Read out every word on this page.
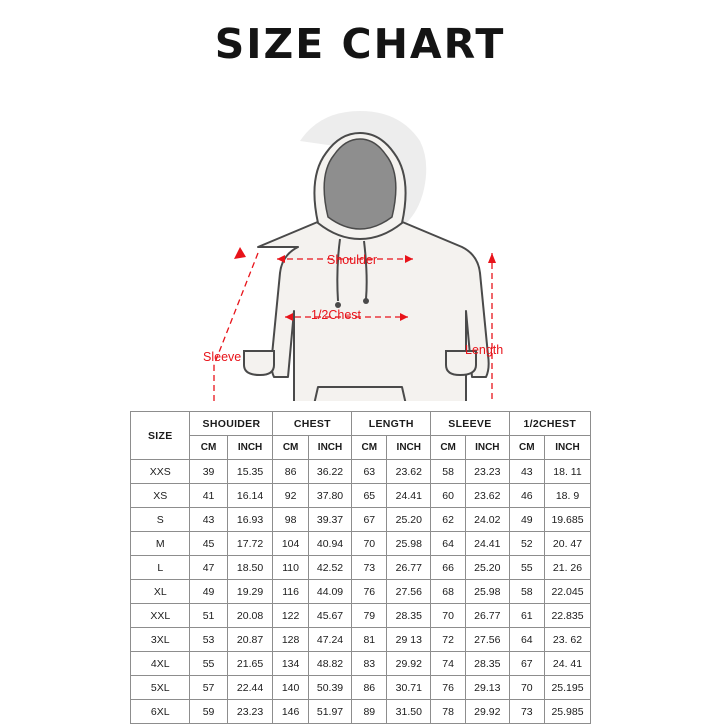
SIZE CHART
Shoulder
1/2Chest
Sleeve	Length
SIZE	SHOUIDER		CHEST		LENGTH		SLEEVE		1/2CHEST	
	CM	INCH	CM	INCH	CM	INCH	CM	INCH	CM	INCH
XXS	39	15.35	86	36.22	63	23.62	58	23.23	43	18. 11
XS	41	16.14	92	37.80	65	24.41	60	23.62	46	18. 9
S	43	16.93	98	39.37	67	25.20	62	24.02	49	19.685
M	45	17.72	104	40.94	70	25.98	64	24.41	52	20. 47
L	47	18.50	110	42.52	73	26.77	66	25.20	55	21. 26
XL	49	19.29	116	44.09	76	27.56	68	25.98	58	22.045
XXL	51	20.08	122	45.67	79	28.35	70	26.77	61	22.835
3XL	53	20.87	128	47.24	81	29 13	72	27.56	64	23. 62
4XL	55	21.65	134	48.82	83	29.92	74	28.35	67	24. 41
5XL	57	22.44	140	50.39	86	30.71	76	29.13	70	25.195
6XL	59	23.23	146	51.97	89	31.50	78	29.92	73	25.985
